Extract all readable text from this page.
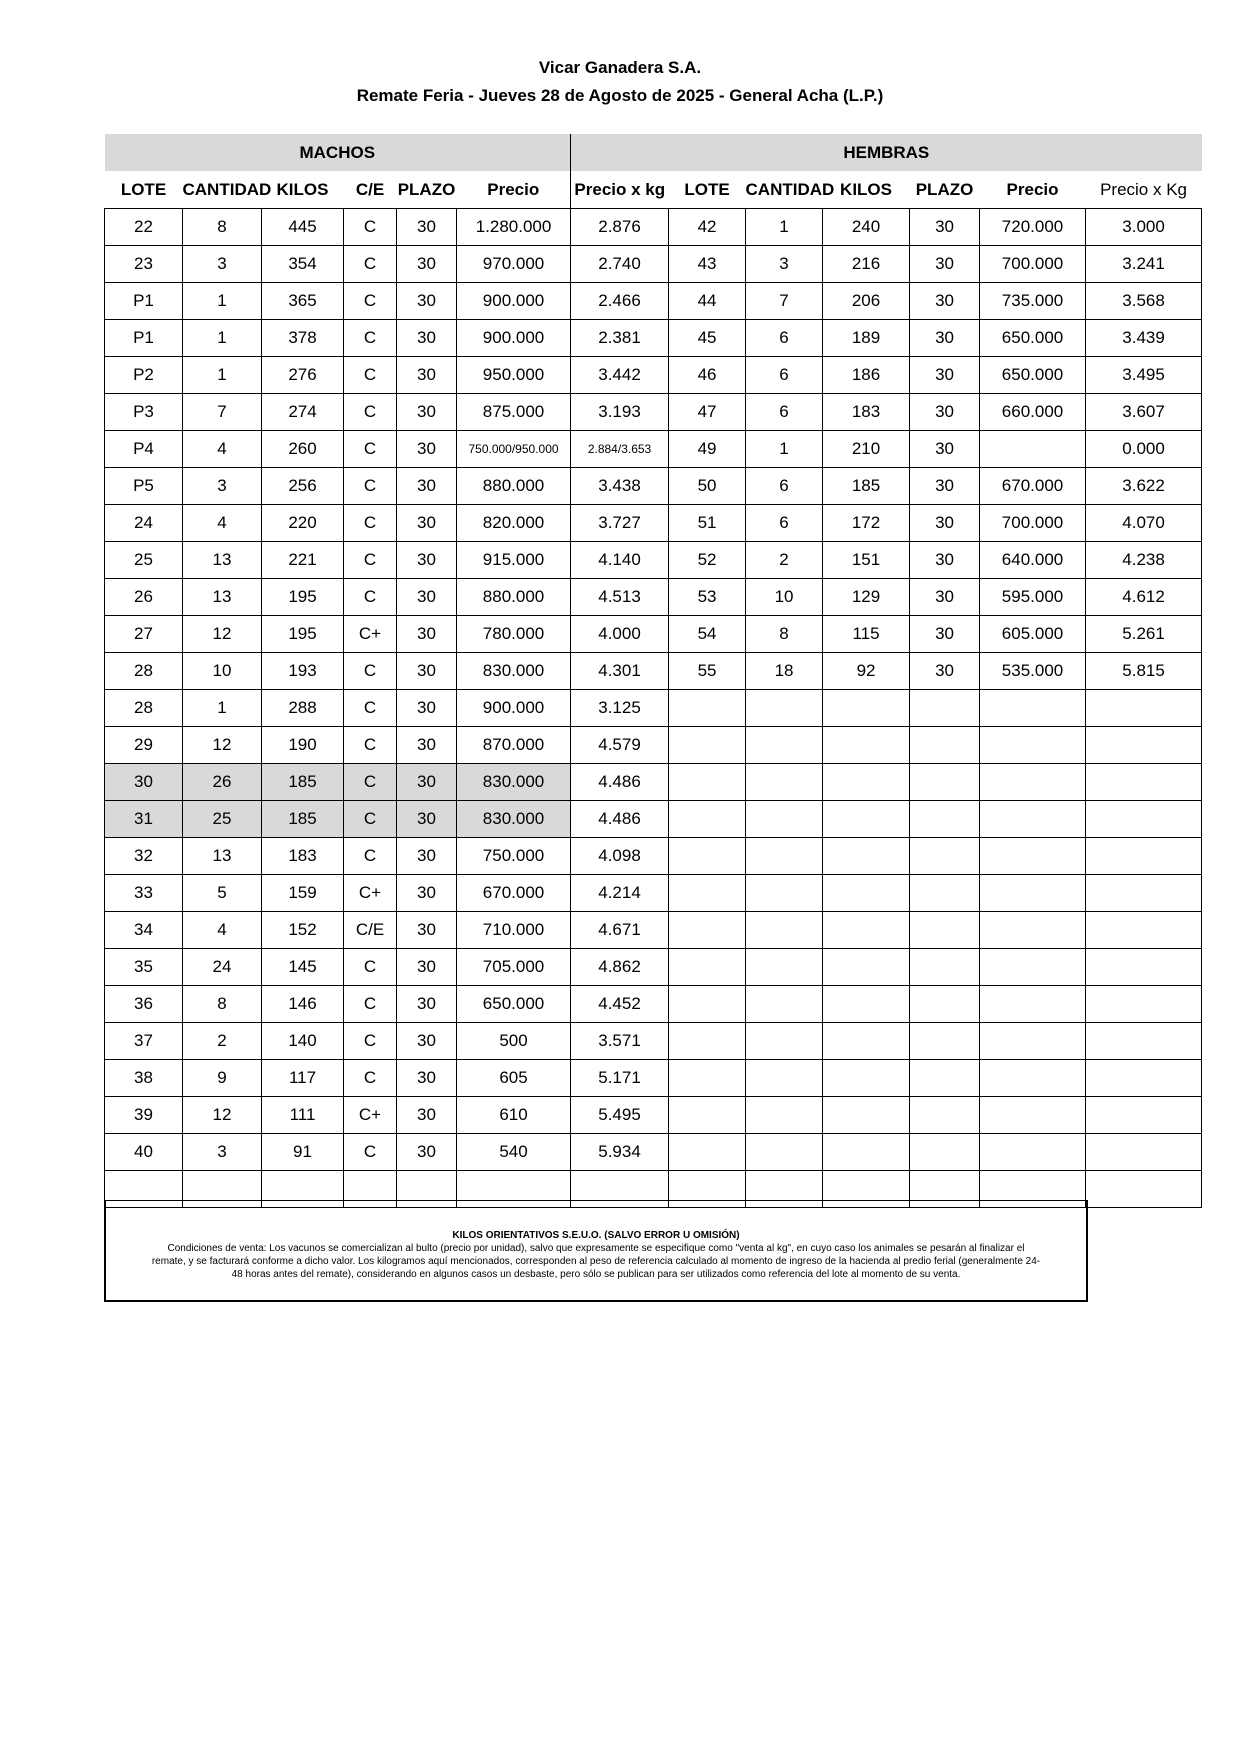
Vicar Ganadera S.A.
Remate Feria - Jueves 28 de Agosto de 2025 - General Acha (L.P.)
MACHOS						HEMBRAS						
LOTE	CANTIDAD	KILOS	C/E	PLAZO	Precio	Precio x kg	LOTE	CANTIDAD	KILOS	PLAZO	Precio	Precio x Kg
22	8	445	C	30	1.280.000	2.876	42	1	240	30	720.000	3.000
23	3	354	C	30	970.000	2.740	43	3	216	30	700.000	3.241
P1	1	365	C	30	900.000	2.466	44	7	206	30	735.000	3.568
P1	1	378	C	30	900.000	2.381	45	6	189	30	650.000	3.439
P2	1	276	C	30	950.000	3.442	46	6	186	30	650.000	3.495
P3	7	274	C	30	875.000	3.193	47	6	183	30	660.000	3.607
P4	4	260	C	30	750.000/950.000	2.884/3.653	49	1	210	30		0.000
P5	3	256	C	30	880.000	3.438	50	6	185	30	670.000	3.622
24	4	220	C	30	820.000	3.727	51	6	172	30	700.000	4.070
25	13	221	C	30	915.000	4.140	52	2	151	30	640.000	4.238
26	13	195	C	30	880.000	4.513	53	10	129	30	595.000	4.612
27	12	195	C+	30	780.000	4.000	54	8	115	30	605.000	5.261
28	10	193	C	30	830.000	4.301	55	18	92	30	535.000	5.815
28	1	288	C	30	900.000	3.125						
29	12	190	C	30	870.000	4.579						
30	26	185	C	30	830.000	4.486						
31	25	185	C	30	830.000	4.486						
32	13	183	C	30	750.000	4.098						
33	5	159	C+	30	670.000	4.214						
34	4	152	C/E	30	710.000	4.671						
35	24	145	C	30	705.000	4.862						
36	8	146	C	30	650.000	4.452						
37	2	140	C	30	500	3.571						
38	9	117	C	30	605	5.171						
39	12	111	C+	30	610	5.495						
40	3	91	C	30	540	5.934						

KILOS ORIENTATIVOS S.E.U.O. (SALVO ERROR U OMISIÓN)
Condiciones de venta: Los vacunos se comercializan al bulto (precio por unidad), salvo que expresamente se especifique como "venta al kg", en cuyo caso los animales se pesarán al finalizar el
remate, y se facturará conforme a dicho valor. Los kilogramos aquí mencionados, corresponden al peso de referencia calculado al momento de ingreso de la hacienda al predio ferial (generalmente 24-
48 horas antes del remate), considerando en algunos casos un desbaste, pero sólo se publican para ser utilizados como referencia del lote al momento de su venta.
